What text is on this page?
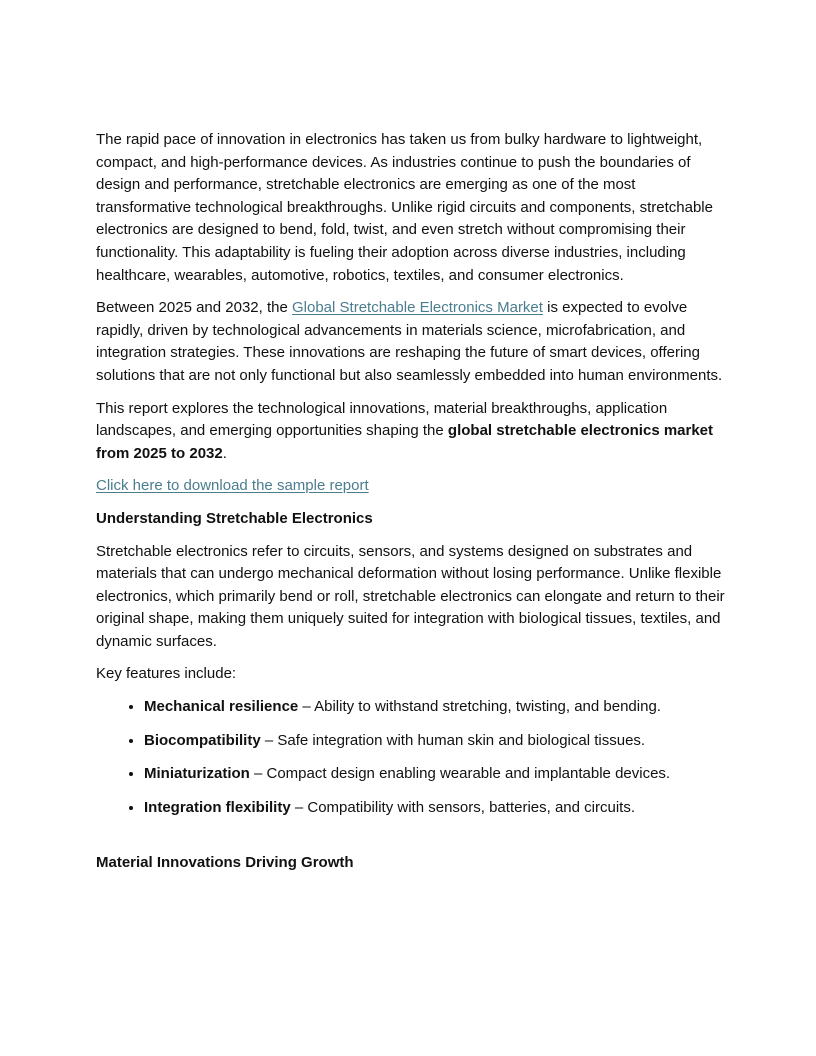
The rapid pace of innovation in electronics has taken us from bulky hardware to lightweight, compact, and high-performance devices. As industries continue to push the boundaries of design and performance, stretchable electronics are emerging as one of the most transformative technological breakthroughs. Unlike rigid circuits and components, stretchable electronics are designed to bend, fold, twist, and even stretch without compromising their functionality. This adaptability is fueling their adoption across diverse industries, including healthcare, wearables, automotive, robotics, textiles, and consumer electronics.

Between 2025 and 2032, the Global Stretchable Electronics Market is expected to evolve rapidly, driven by technological advancements in materials science, microfabrication, and integration strategies. These innovations are reshaping the future of smart devices, offering solutions that are not only functional but also seamlessly embedded into human environments.

This report explores the technological innovations, material breakthroughs, application landscapes, and emerging opportunities shaping the global stretchable electronics market from 2025 to 2032.

Click here to download the sample report

Understanding Stretchable Electronics

Stretchable electronics refer to circuits, sensors, and systems designed on substrates and materials that can undergo mechanical deformation without losing performance. Unlike flexible electronics, which primarily bend or roll, stretchable electronics can elongate and return to their original shape, making them uniquely suited for integration with biological tissues, textiles, and dynamic surfaces.

Key features include:

• Mechanical resilience – Ability to withstand stretching, twisting, and bending.
• Biocompatibility – Safe integration with human skin and biological tissues.
• Miniaturization – Compact design enabling wearable and implantable devices.
• Integration flexibility – Compatibility with sensors, batteries, and circuits.

Material Innovations Driving Growth
